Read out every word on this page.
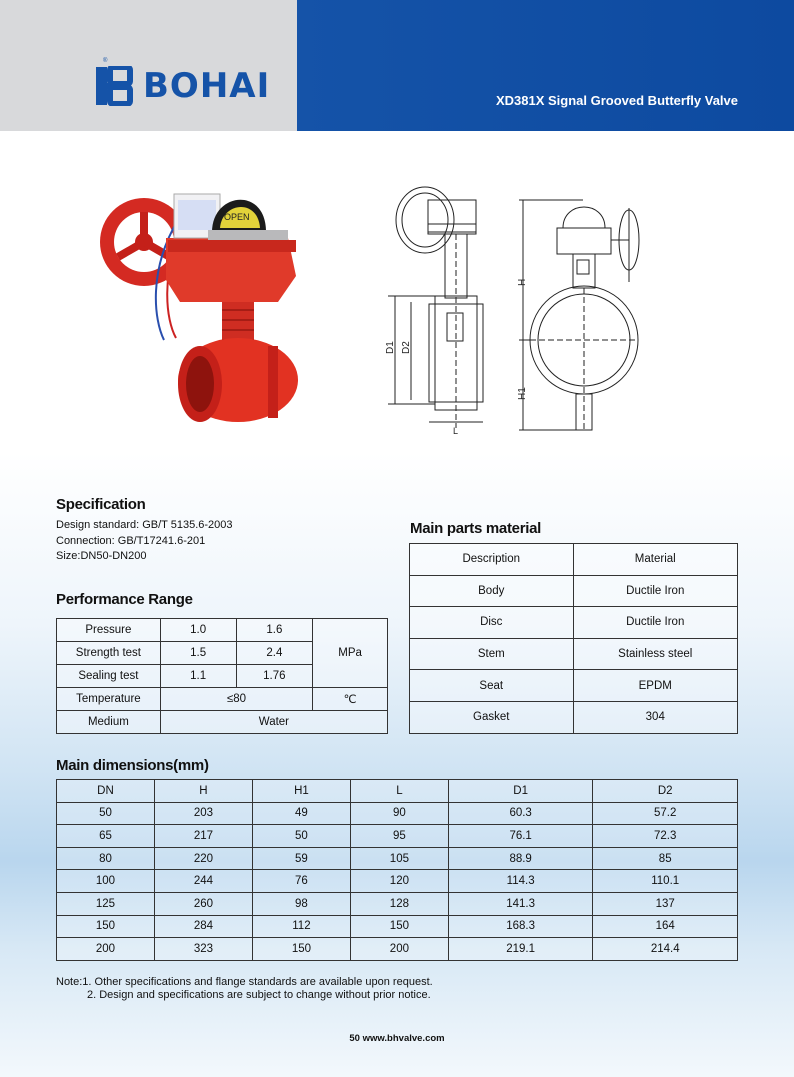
BOHAI
®
XD381X Signal Grooved Butterfly Valve
OPEN
D1 D2
L
H
H1
Specification
Design standard: GB/T 5135.6-2003
Connection: GB/T17241.6-201
Size:DN50-DN200
Performance Range
Pressure	1.0	1.6	MPa
Strength test	1.5	2.4	
Sealing test	1.1	1.76	
Temperature	≤80		℃
Medium	Water		
Main parts material
Description	Material
Body	Ductile Iron
Disc	Ductile Iron
Stem	Stainless steel
Seat	EPDM
Gasket	304
Main dimensions(mm)
DN	H	H1	L	D1	D2
50	203	49	90	60.3	57.2
65	217	50	95	76.1	72.3
80	220	59	105	88.9	85
100	244	76	120	114.3	110.1
125	260	98	128	141.3	137
150	284	112	150	168.3	164
200	323	150	200	219.1	214.4
Note:1. Other specifications and flange standards are available upon request.
2. Design and specifications are subject to change without prior notice.
50 www.bhvalve.com
